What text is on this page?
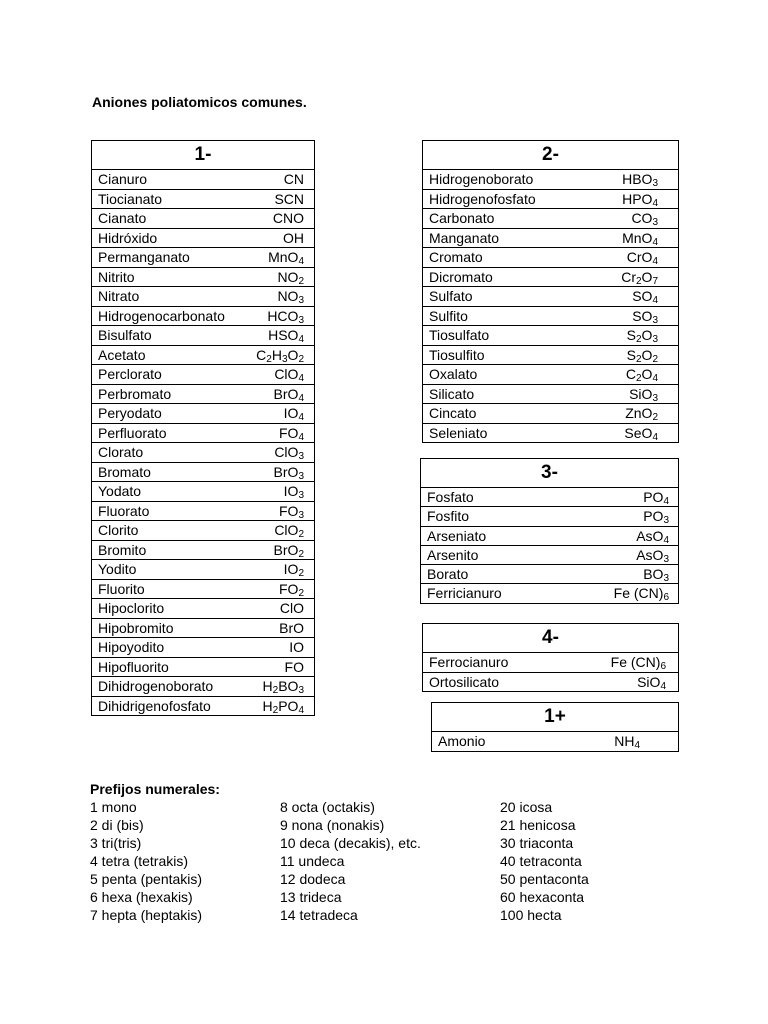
Aniones poliatomicos comunes.
1-
Cianuro	CN
Tiocianato	SCN
Cianato	CNO
Hidróxido	OH
Permanganato	MnO$_4$
Nitrito	$NO_2$
Nitrato	$NO_3$
Hidrogenocarbonato	$HCO_3$
Bisulfato	$HSO_4$
Acetato	$C_2H_3O_2$
Perclorato	ClO$_4$
Perbromato	BrO$_4$
Peryodato	$IO_4$
Perfluorato	$FO_4$
Clorato	ClO$_3$
Bromato	BrO$_3$
Yodato	$IO_3$
Fluorato	$FO_3$
Clorito	ClO$_2$
Bromito	BrO$_2$
Yodito	$IO_2$
Fluorito	$FO_2$
Hipoclorito	ClO
Hipobromito	BrO
Hipoyodito	IO
Hipofluorito	FO
Dihidrogenoborato	$H_2BO_3$
Dihidrigenofosfato	$H_2PO_4$
2-
Hidrogenoborato	$HBO_3$
Hidrogenofosfato	$HPO_4$
Carbonato	$CO_3$
Manganato	MnO$_4$
Cromato	CrO$_4$
Dicromato	$Cr_2O_7$
Sulfato	$SO_4$
Sulfito	$SO_3$
Tiosulfato	$S_2O_3$
Tiosulfito	$S_2O_2$
Oxalato	$C_2O_4$
Silicato	SiO$_3$
Cincato	ZnO$_2$
Seleniato	SeO$_4$
3-
Fosfato	$PO_4$
Fosfito	$PO_3$
Arseniato	AsO$_4$
Arsenito	AsO$_3$
Borato	$BO_3$
Ferricianuro	Fe $(CN)_6$
4-
Ferrocianuro	Fe $(CN)_6$
Ortosilicato	SiO$_4$
1+
Amonio	$NH_4$
Prefijos numerales:
1 mono
2 di (bis)
3 tri(tris)
4 tetra (tetrakis)
5 penta (pentakis)
6 hexa (hexakis)
7 hepta (heptakis)
8 octa (octakis)
9 nona (nonakis)
10 deca (decakis), etc.
11 undeca
12 dodeca
13 trideca
14 tetradeca
20 icosa
21 henicosa
30 triaconta
40 tetraconta
50 pentaconta
60 hexaconta
100 hecta
